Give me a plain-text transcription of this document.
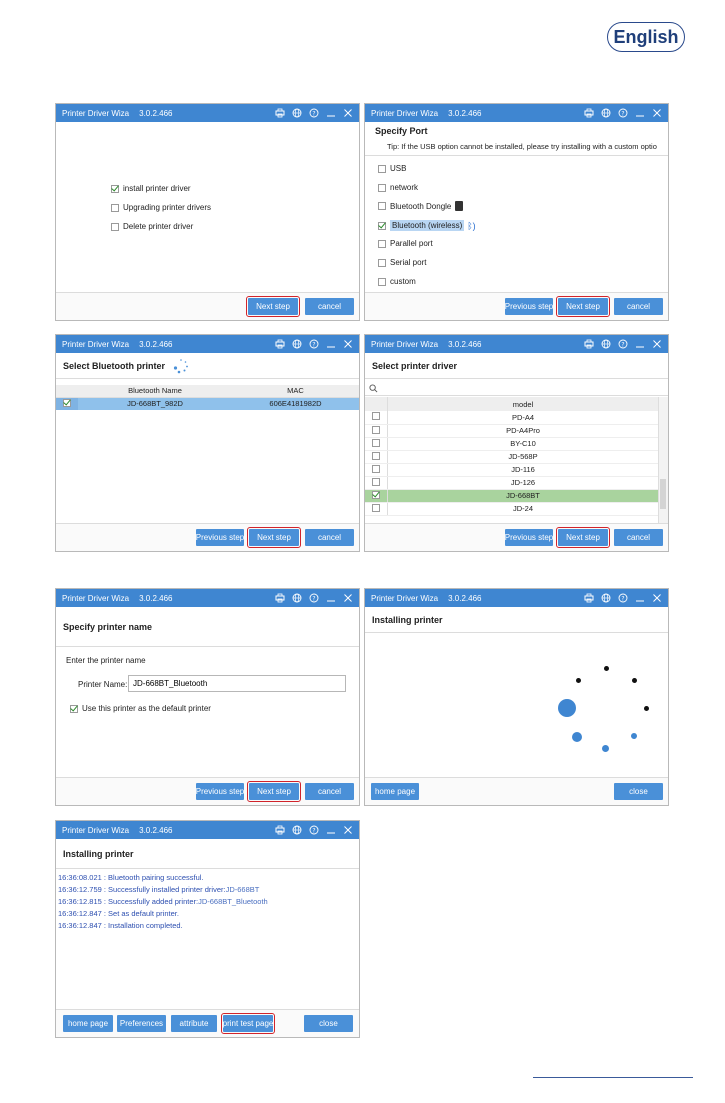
English
Printer Driver Wiza 3.0.2.466	?
install printer driver
Upgrading printer drivers
Delete printer driver
Next step	cancel
Printer Driver Wiza 3.0.2.466	?
Specify Port
Tip: If the USB option cannot be installed, please try installing with a custom optio
USB
network
Bluetooth Dongle
Bluetooth (wireless) ᛒ)
Parallel port
Serial port
custom
Previous step	Next step	cancel
Printer Driver Wiza 3.0.2.466	?
Select Bluetooth printer
	Bluetooth Name	MAC
	JD-668BT_982D	606E4181982D
Previous step	Next step	cancel
Printer Driver Wiza 3.0.2.466	?
Select printer driver
	model
	PD-A4
	PD-A4Pro
	BY-C10
	JD-568P
	JD-116
	JD-126
	JD-668BT
	JD-24
Previous step	Next step	cancel
Printer Driver Wiza 3.0.2.466	?
Specify printer name
Enter the printer name
Printer Name:
JD-668BT_Bluetooth
Use this printer as the default printer
Previous step	Next step	cancel
Printer Driver Wiza 3.0.2.466	?
Installing printer
home page	close
Printer Driver Wiza 3.0.2.466	?
Installing printer
16:36:08.021 : Bluetooth pairing successful.
16:36:12.759 : Successfully installed printer driver:JD-668BT
16:36:12.815 : Successfully added printer:JD-668BT_Bluetooth
16:36:12.847 : Set as default printer.
16:36:12.847 : Installation completed.
home page	Preferences	attribute	print test page	close
